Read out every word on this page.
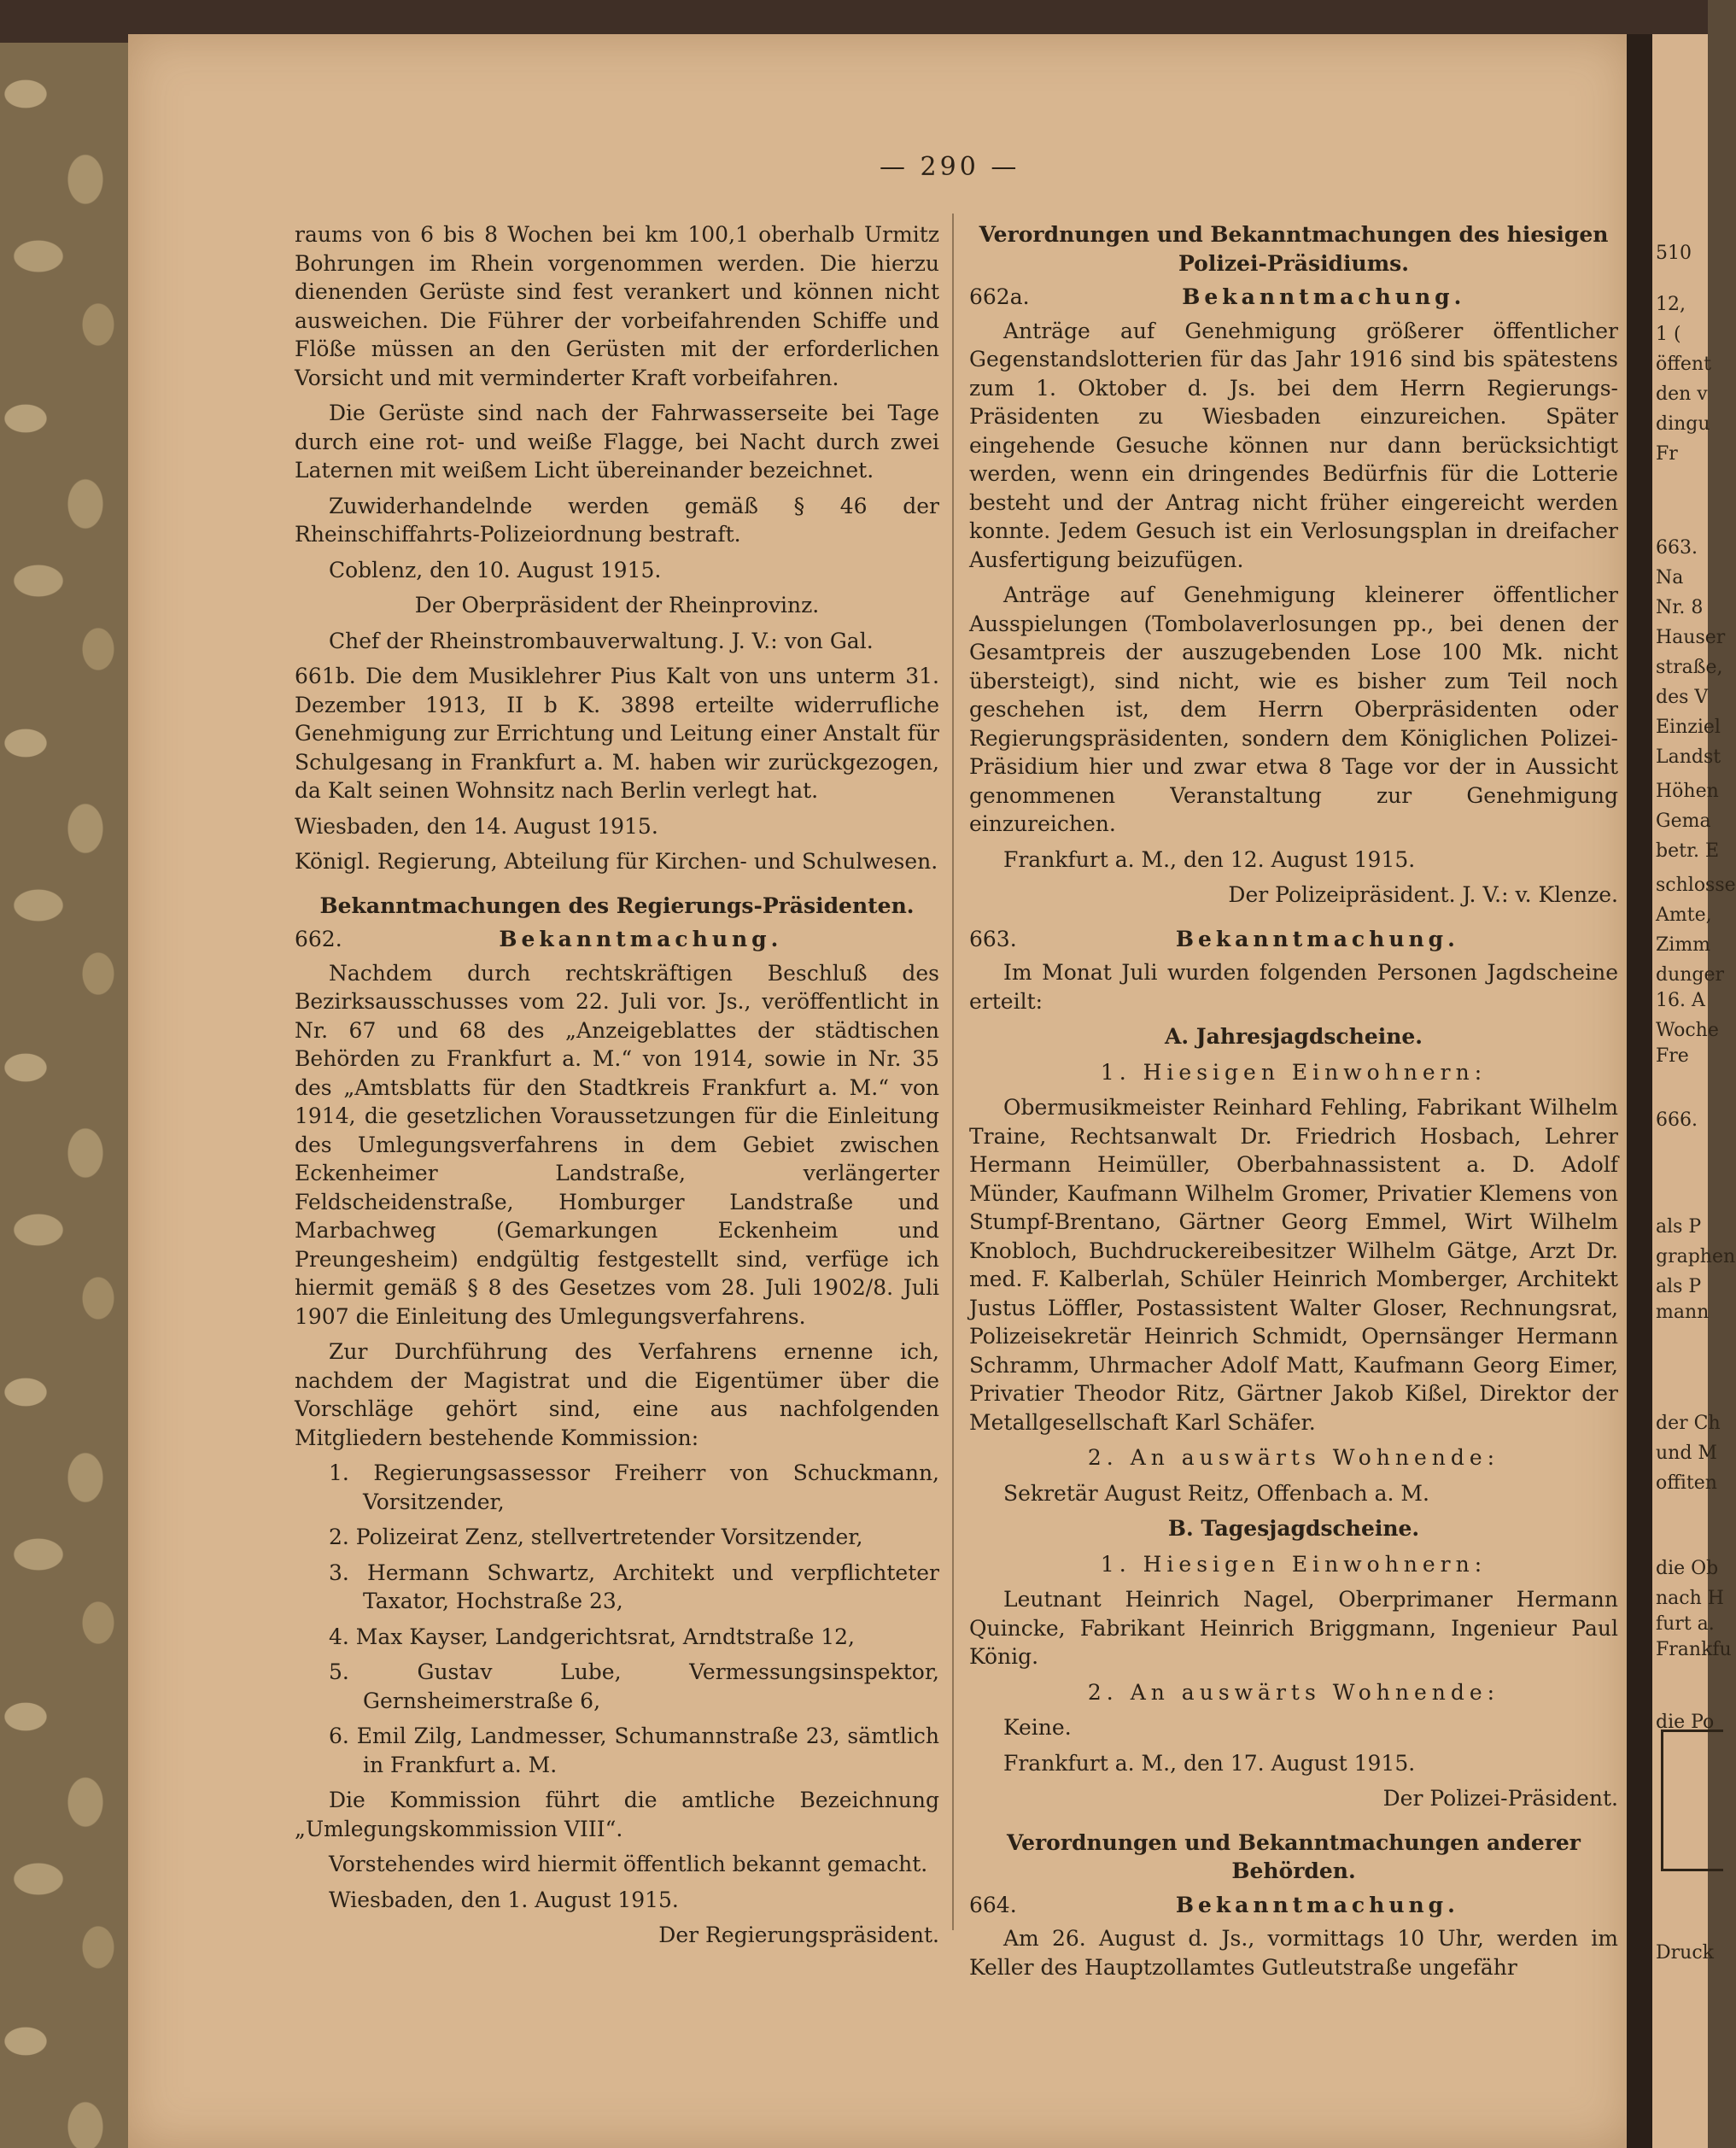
— 290 —

raums von 6 bis 8 Wochen bei km 100,1 oberhalb Urmitz Bohrungen im Rhein vorgenommen werden. Die hierzu dienenden Gerüste sind fest verankert und können nicht ausweichen. Die Führer der vorbeifahrenden Schiffe und Flöße müssen an den Gerüsten mit der erforderlichen Vorsicht und mit verminderter Kraft vorbeifahren.

Die Gerüste sind nach der Fahrwasserseite bei Tage durch eine rot- und weiße Flagge, bei Nacht durch zwei Laternen mit weißem Licht übereinander bezeichnet.

Zuwiderhandelnde werden gemäß § 46 der Rheinschiffahrts-Polizeiordnung bestraft.

Coblenz, den 10. August 1915.

Der Oberpräsident der Rheinprovinz.

Chef der Rheinstrombauverwaltung. J. V.: von Gal.

661b. Die dem Musiklehrer Pius Kalt von uns unterm 31. Dezember 1913, II b K. 3898 erteilte widerrufliche Genehmigung zur Errichtung und Leitung einer Anstalt für Schulgesang in Frankfurt a. M. haben wir zurückgezogen, da Kalt seinen Wohnsitz nach Berlin verlegt hat.

Wiesbaden, den 14. August 1915.

Königl. Regierung, Abteilung für Kirchen- und Schulwesen.

Bekanntmachungen des Regierungs-Präsidenten.
662.	Bekanntmachung.

Nachdem durch rechtskräftigen Beschluß des Bezirksausschusses vom 22. Juli vor. Js., veröffentlicht in Nr. 67 und 68 des „Anzeigeblattes der städtischen Behörden zu Frankfurt a. M.“ von 1914, sowie in Nr. 35 des „Amtsblatts für den Stadtkreis Frankfurt a. M.“ von 1914, die gesetzlichen Voraussetzungen für die Einleitung des Umlegungsverfahrens in dem Gebiet zwischen Eckenheimer Landstraße, verlängerter Feldscheidenstraße, Homburger Landstraße und Marbachweg (Gemarkungen Eckenheim und Preungesheim) endgültig festgestellt sind, verfüge ich hiermit gemäß § 8 des Gesetzes vom 28. Juli 1902/8. Juli 1907 die Einleitung des Umlegungsverfahrens.

Zur Durchführung des Verfahrens ernenne ich, nachdem der Magistrat und die Eigentümer über die Vorschläge gehört sind, eine aus nachfolgenden Mitgliedern bestehende Kommission:

1. Regierungsassessor Freiherr von Schuckmann, Vorsitzender,

2. Polizeirat Zenz, stellvertretender Vorsitzender,

3. Hermann Schwartz, Architekt und verpflichteter Taxator, Hochstraße 23,

4. Max Kayser, Landgerichtsrat, Arndtstraße 12,

5. Gustav Lube, Vermessungsinspektor, Gernsheimerstraße 6,

6. Emil Zilg, Landmesser, Schumannstraße 23, sämtlich in Frankfurt a. M.

Die Kommission führt die amtliche Bezeichnung „Umlegungskommission VIII“.

Vorstehendes wird hiermit öffentlich bekannt gemacht.

Wiesbaden, den 1. August 1915.

Der Regierungspräsident.

Verordnungen und Bekanntmachungen des hiesigen Polizei-Präsidiums.
662a.	Bekanntmachung.

Anträge auf Genehmigung größerer öffentlicher Gegenstandslotterien für das Jahr 1916 sind bis spätestens zum 1. Oktober d. Js. bei dem Herrn Regierungs-Präsidenten zu Wiesbaden einzureichen. Später eingehende Gesuche können nur dann berücksichtigt werden, wenn ein dringendes Bedürfnis für die Lotterie besteht und der Antrag nicht früher eingereicht werden konnte. Jedem Gesuch ist ein Verlosungsplan in dreifacher Ausfertigung beizufügen.

Anträge auf Genehmigung kleinerer öffentlicher Ausspielungen (Tombolaverlosungen pp., bei denen der Gesamtpreis der auszugebenden Lose 100 Mk. nicht übersteigt), sind nicht, wie es bisher zum Teil noch geschehen ist, dem Herrn Oberpräsidenten oder Regierungspräsidenten, sondern dem Königlichen Polizei-Präsidium hier und zwar etwa 8 Tage vor der in Aussicht genommenen Veranstaltung zur Genehmigung einzureichen.

Frankfurt a. M., den 12. August 1915.

Der Polizeipräsident. J. V.: v. Klenze.

663.	Bekanntmachung.

Im Monat Juli wurden folgenden Personen Jagdscheine erteilt:

A. Jahresjagdscheine.

1. Hiesigen Einwohnern:

Obermusikmeister Reinhard Fehling, Fabrikant Wilhelm Traine, Rechtsanwalt Dr. Friedrich Hosbach, Lehrer Hermann Heimüller, Oberbahnassistent a. D. Adolf Münder, Kaufmann Wilhelm Gromer, Privatier Klemens von Stumpf-Brentano, Gärtner Georg Emmel, Wirt Wilhelm Knobloch, Buchdruckereibesitzer Wilhelm Gätge, Arzt Dr. med. F. Kalberlah, Schüler Heinrich Momberger, Architekt Justus Löffler, Postassistent Walter Gloser, Rechnungsrat, Polizeisekretär Heinrich Schmidt, Opernsänger Hermann Schramm, Uhrmacher Adolf Matt, Kaufmann Georg Eimer, Privatier Theodor Ritz, Gärtner Jakob Kißel, Direktor der Metallgesellschaft Karl Schäfer.

2. An auswärts Wohnende:

Sekretär August Reitz, Offenbach a. M.

B. Tagesjagdscheine.

1. Hiesigen Einwohnern:

Leutnant Heinrich Nagel, Oberprimaner Hermann Quincke, Fabrikant Heinrich Briggmann, Ingenieur Paul König.

2. An auswärts Wohnende:

Keine.

Frankfurt a. M., den 17. August 1915.

Der Polizei-Präsident.

Verordnungen und Bekanntmachungen anderer Behörden.
664.	Bekanntmachung.

Am 26. August d. Js., vormittags 10 Uhr, werden im Keller des Hauptzollamtes Gutleutstraße ungefähr

510
12,
1 (
öffent
den v
dingu
Fr
663.
Na
Nr. 8
Hauser
straße,
des V
Einziel
Landst
Höhen
Gema
betr. E
schlosse
Amte,
Zimm
dunger
16. A
Woche
Fre
666.
als P
graphen
als P
mann
der Ch
und M
offiten
die Ob
nach H
furt a.
Frankfu
die Po
Druck
